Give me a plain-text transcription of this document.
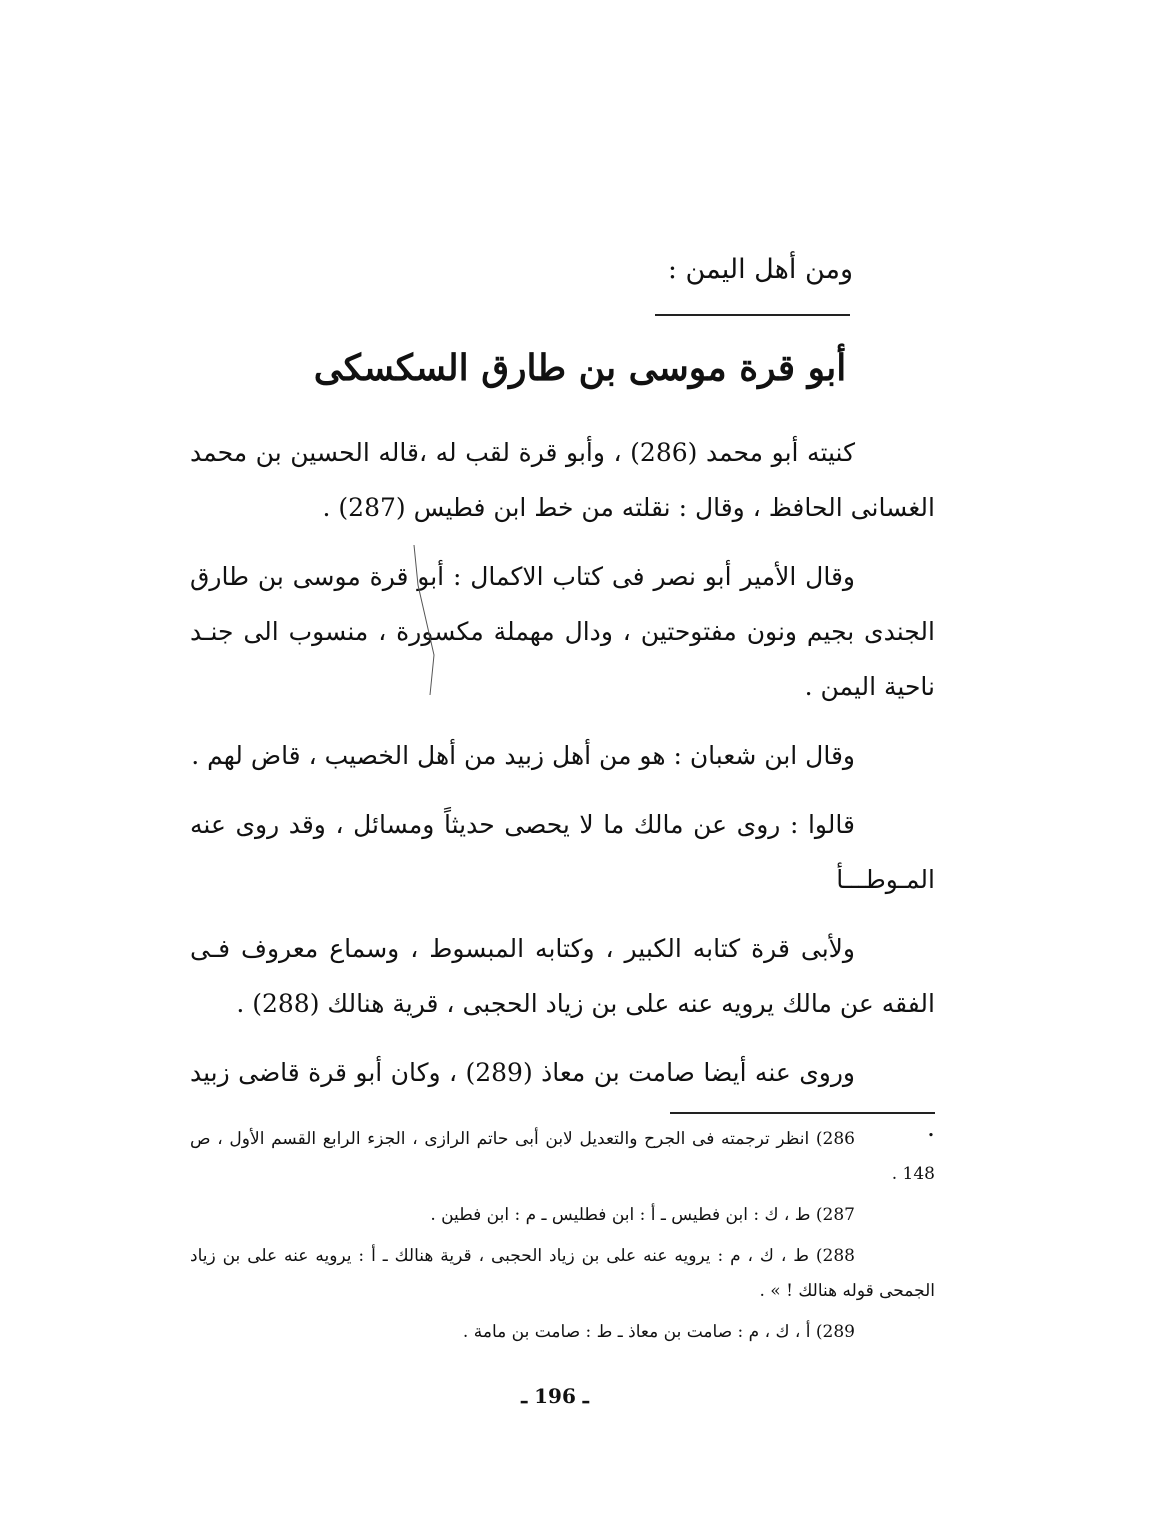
ومن أهل اليمن :
أبو قرة موسى بن طارق السكسكى

كنيته أبو محمد (286) ، وأبو قرة لقب له ،قاله الحسين بن محمد الغسانى الحافظ ، وقال : نقلته من خط ابن فطيس (287) .

وقال الأمير أبو نصر فى كتاب الاكمال : أبو قرة موسى بن طارق الجندى بجيم ونون مفتوحتين ، ودال مهملة مكسورة ، منسوب الى جنـد ناحية اليمن .

وقال ابن شعبان : هو من أهل زبيد من أهل الخصيب ، قاض لهم .

قالوا : روى عن مالك ما لا يحصى حديثاً ومسائل ، وقد روى عنه المـوطـــأ

ولأبى قرة كتابه الكبير ، وكتابه المبسوط ، وسماع معروف فـى الفقه عن مالك يرويه عنه على بن زياد الحجبى ، قرية هنالك (288) .

وروى عنه أيضا صامت بن معاذ (289) ، وكان أبو قرة قاضى زبيد .

286) انظر ترجمته فى الجرح والتعديل لابن أبى حاتم الرازى ، الجزء الرابع القسم الأول ، ص 148 .

287) ط ، ك : ابن فطيس ـ أ : ابن فطليس ـ م : ابن فطين .

288) ط ، ك ، م : يرويه عنه على بن زياد الحجبى ، قرية هنالك ـ أ : يرويه عنه على بن زياد الجمحى قوله هنالك ! » .

289) أ ، ك ، م : صامت بن معاذ ـ ط : صامت بن مامة .

ـ 196 ـ
